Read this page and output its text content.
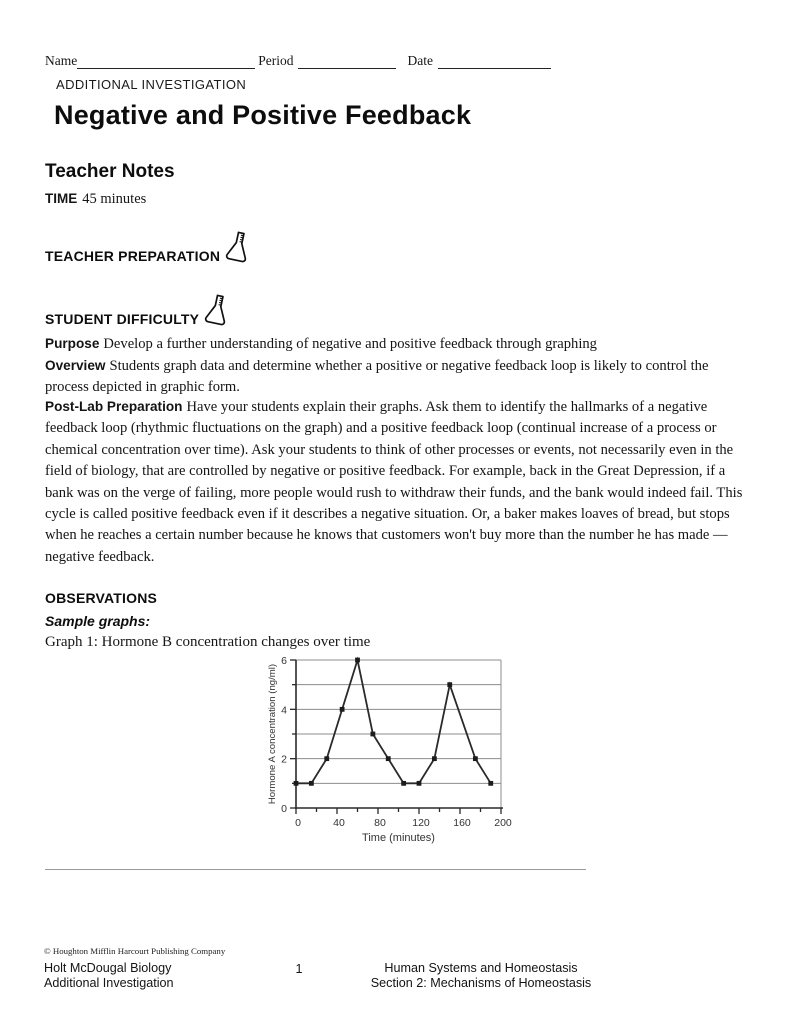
Name	Period	Date
ADDITIONAL INVESTIGATION
Negative and Positive Feedback
Teacher Notes
TIME 45 minutes
TEACHER PREPARATION
STUDENT DIFFICULTY
Purpose Develop a further understanding of negative and positive feedback through graphing
Overview Students graph data and determine whether a positive or negative feedback loop is likely to control the process depicted in graphic form.
Post-Lab Preparation Have your students explain their graphs. Ask them to identify the hallmarks of a negative feedback loop (rhythmic fluctuations on the graph) and a positive feedback loop (continual increase of a process or chemical concentration over time). Ask your students to think of other processes or events, not necessarily even in the field of biology, that are controlled by negative or positive feedback. For example, back in the Great Depression, if a bank was on the verge of failing, more people would rush to withdraw their funds, and the bank would indeed fail. This cycle is called positive feedback even if it describes a negative situation. Or, a baker makes loaves of bread, but stops when he reaches a certain number because he knows that customers won't buy more than the number he has made — negative feedback.
OBSERVATIONS
Sample graphs:
Graph 1: Hormone B concentration changes over time
0	40	80	120 160 200
0
2
4
6
Time (minutes)
Hormone A concentration (ng/ml)
© Houghton Mifflin Harcourt Publishing Company
Holt McDougal Biology
Additional Investigation
1	Human Systems and Homeostasis
Section 2: Mechanisms of Homeostasis
